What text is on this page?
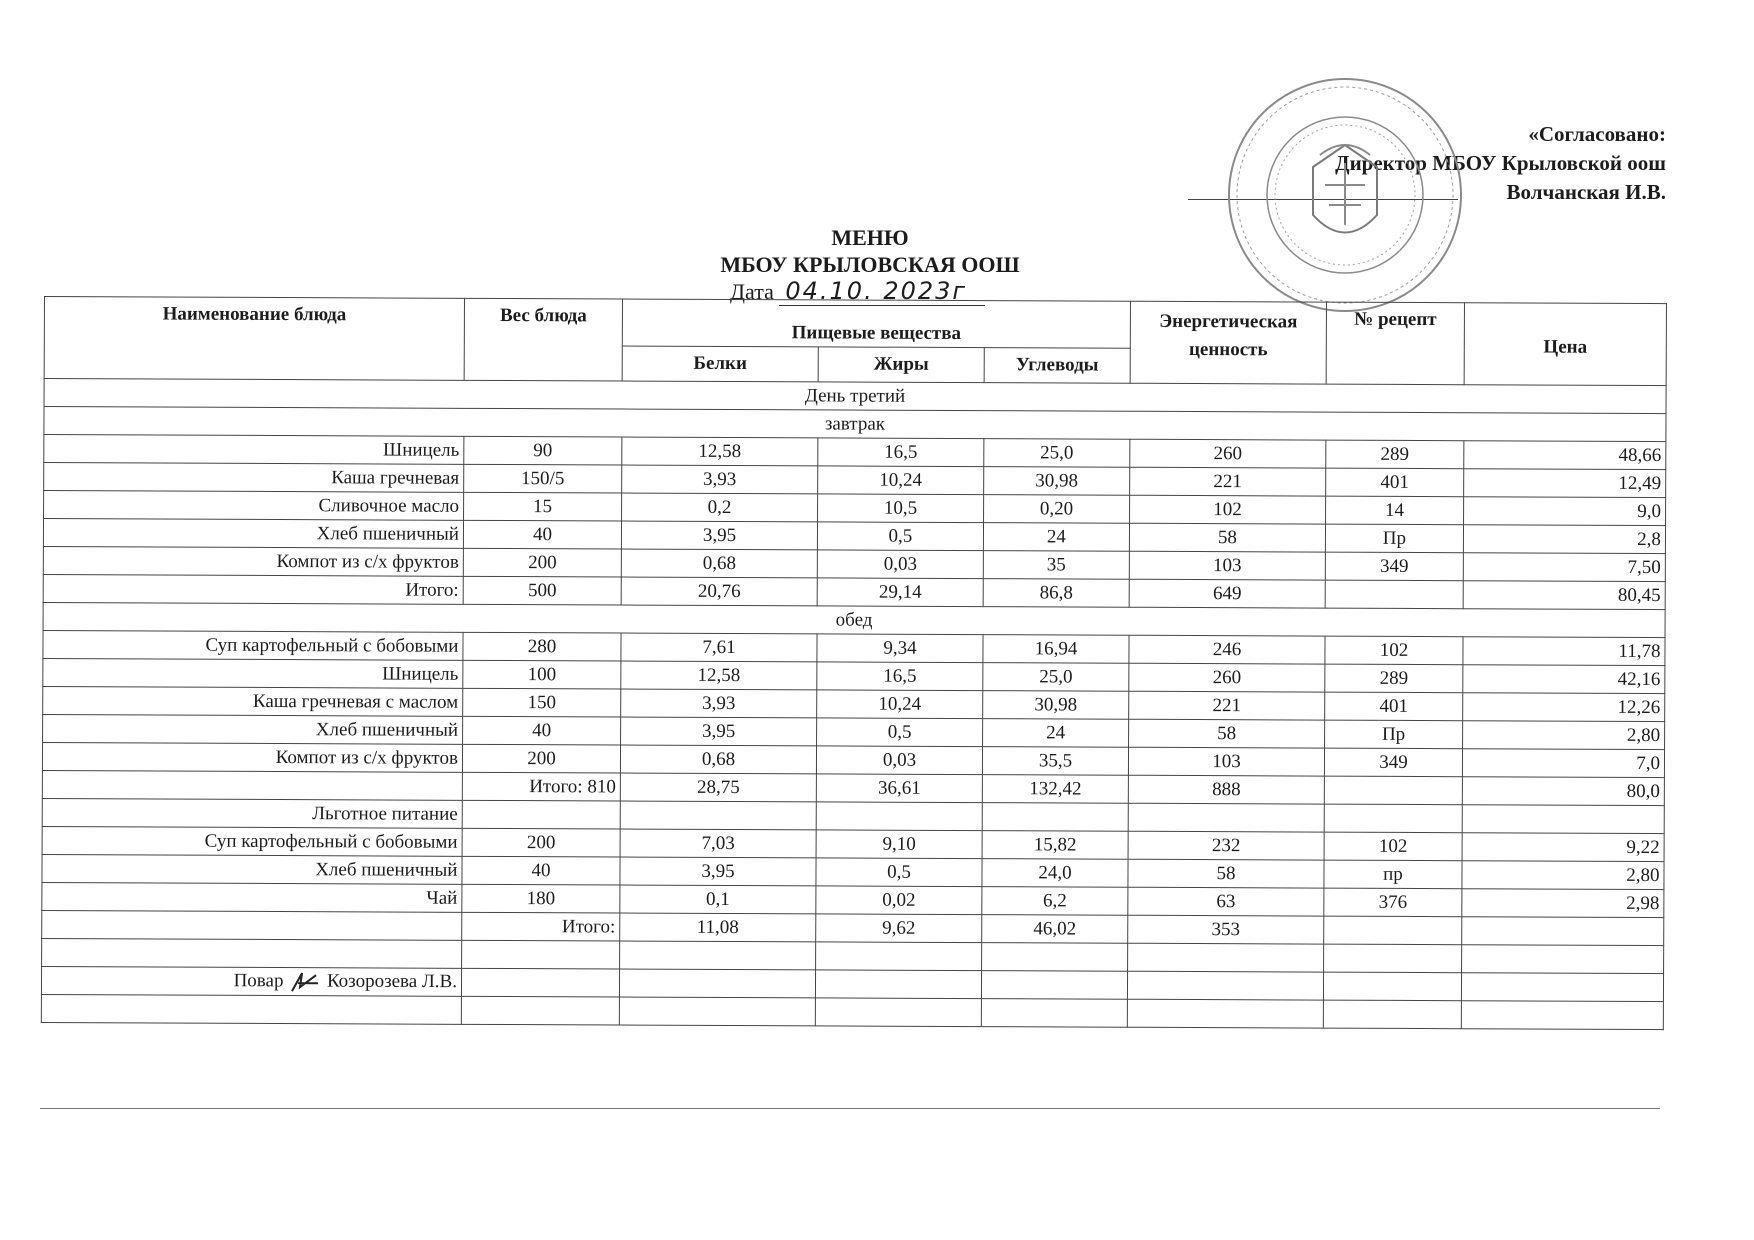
«Согласовано:
Директор МБОУ Крыловской оош
Волчанская И.В.
МЕНЮ
МБОУ КРЫЛОВСКАЯ ООШ
Дата 04.10. 2023г
Наименование блюда	Вес блюда	Пищевые вещества			Энергетическая ценность	№ рецепт	Цена
		Белки	Жиры	Углеводы			
День третий							
завтрак							
Шницель	90	12,58	16,5	25,0	260	289	48,66
Каша гречневая	150/5	3,93	10,24	30,98	221	401	12,49
Сливочное масло	15	0,2	10,5	0,20	102	14	9,0
Хлеб пшеничный	40	3,95	0,5	24	58	Пр	2,8
Компот из с/х фруктов	200	0,68	0,03	35	103	349	7,50
Итого:	500	20,76	29,14	86,8	649		80,45
обед							
Суп картофельный с бобовыми	280	7,61	9,34	16,94	246	102	11,78
Шницель	100	12,58	16,5	25,0	260	289	42,16
Каша гречневая с маслом	150	3,93	10,24	30,98	221	401	12,26
Хлеб пшеничный	40	3,95	0,5	24	58	Пр	2,80
Компот из с/х фруктов	200	0,68	0,03	35,5	103	349	7,0
	Итого: 810	28,75	36,61	132,42	888		80,0
Льготное питание							
Суп картофельный с бобовыми	200	7,03	9,10	15,82	232	102	9,22
Хлеб пшеничный	40	3,95	0,5	24,0	58	пр	2,80
Чай	180	0,1	0,02	6,2	63	376	2,98
	Итого:	11,08	9,62	46,02	353		

Повар Козорозева Л.В.							
